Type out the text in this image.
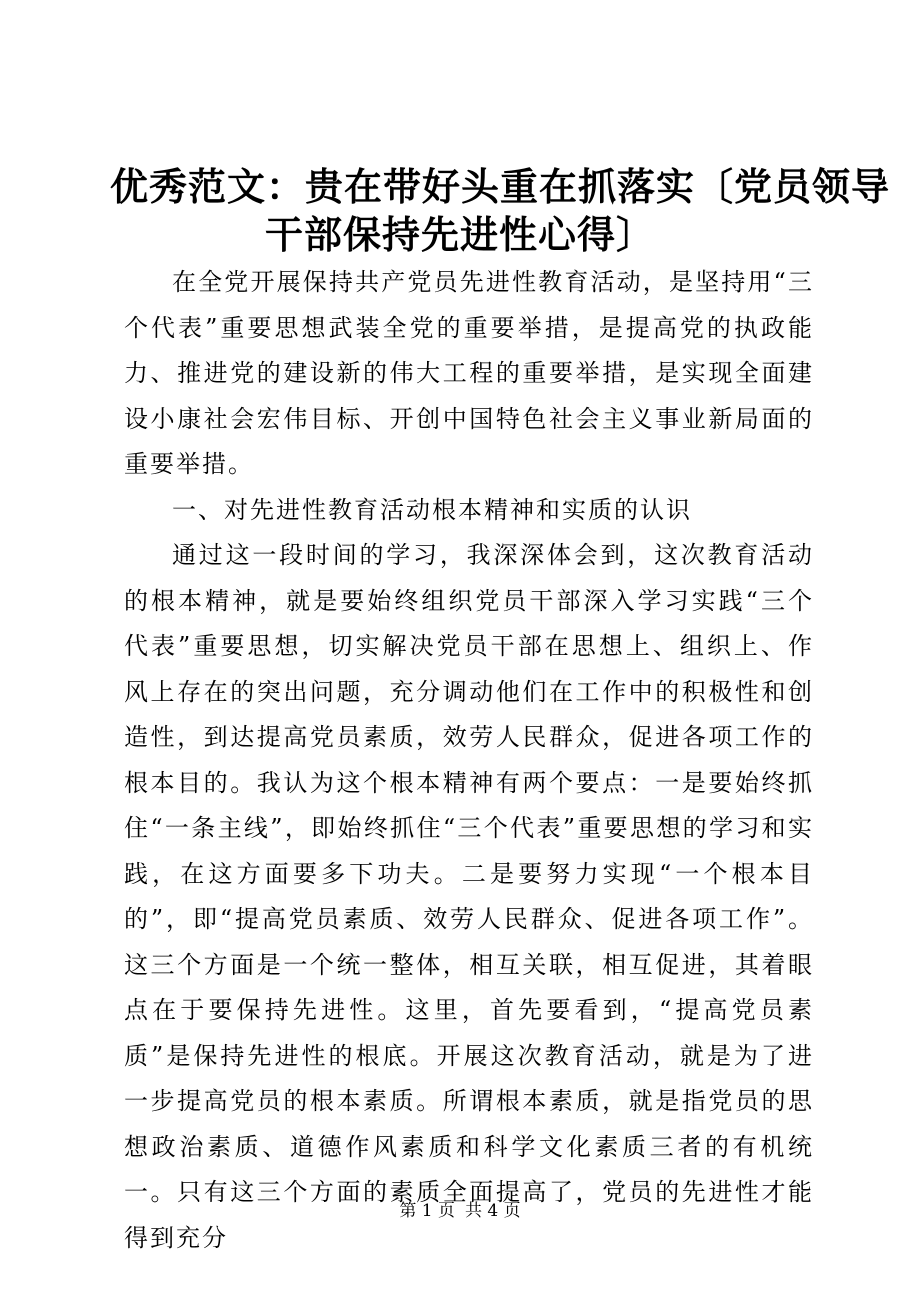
优秀范文：贵在带好头重在抓落实〔党员领导
干部保持先进性心得〕

在全党开展保持共产党员先进性教育活动，是坚持用“三个代表”重要思想武装全党的重要举措，是提高党的执政能力、推进党的建设新的伟大工程的重要举措，是实现全面建设小康社会宏伟目标、开创中国特色社会主义事业新局面的重要举措。

一、对先进性教育活动根本精神和实质的认识

通过这一段时间的学习，我深深体会到，这次教育活动的根本精神，就是要始终组织党员干部深入学习实践“三个代表”重要思想，切实解决党员干部在思想上、组织上、作风上存在的突出问题，充分调动他们在工作中的积极性和创造性，到达提高党员素质，效劳人民群众，促进各项工作的根本目的。我认为这个根本精神有两个要点：一是要始终抓住“一条主线”，即始终抓住“三个代表”重要思想的学习和实践，在这方面要多下功夫。二是要努力实现“一个根本目的”，即“提高党员素质、效劳人民群众、促进各项工作”。这三个方面是一个统一整体，相互关联，相互促进，其着眼点在于要保持先进性。这里，首先要看到，“提高党员素质”是保持先进性的根底。开展这次教育活动，就是为了进一步提高党员的根本素质。所谓根本素质，就是指党员的思想政治素质、道德作风素质和科学文化素质三者的有机统一。只有这三个方面的素质全面提高了，党员的先进性才能得到充分

第 1 页 共 4 页
